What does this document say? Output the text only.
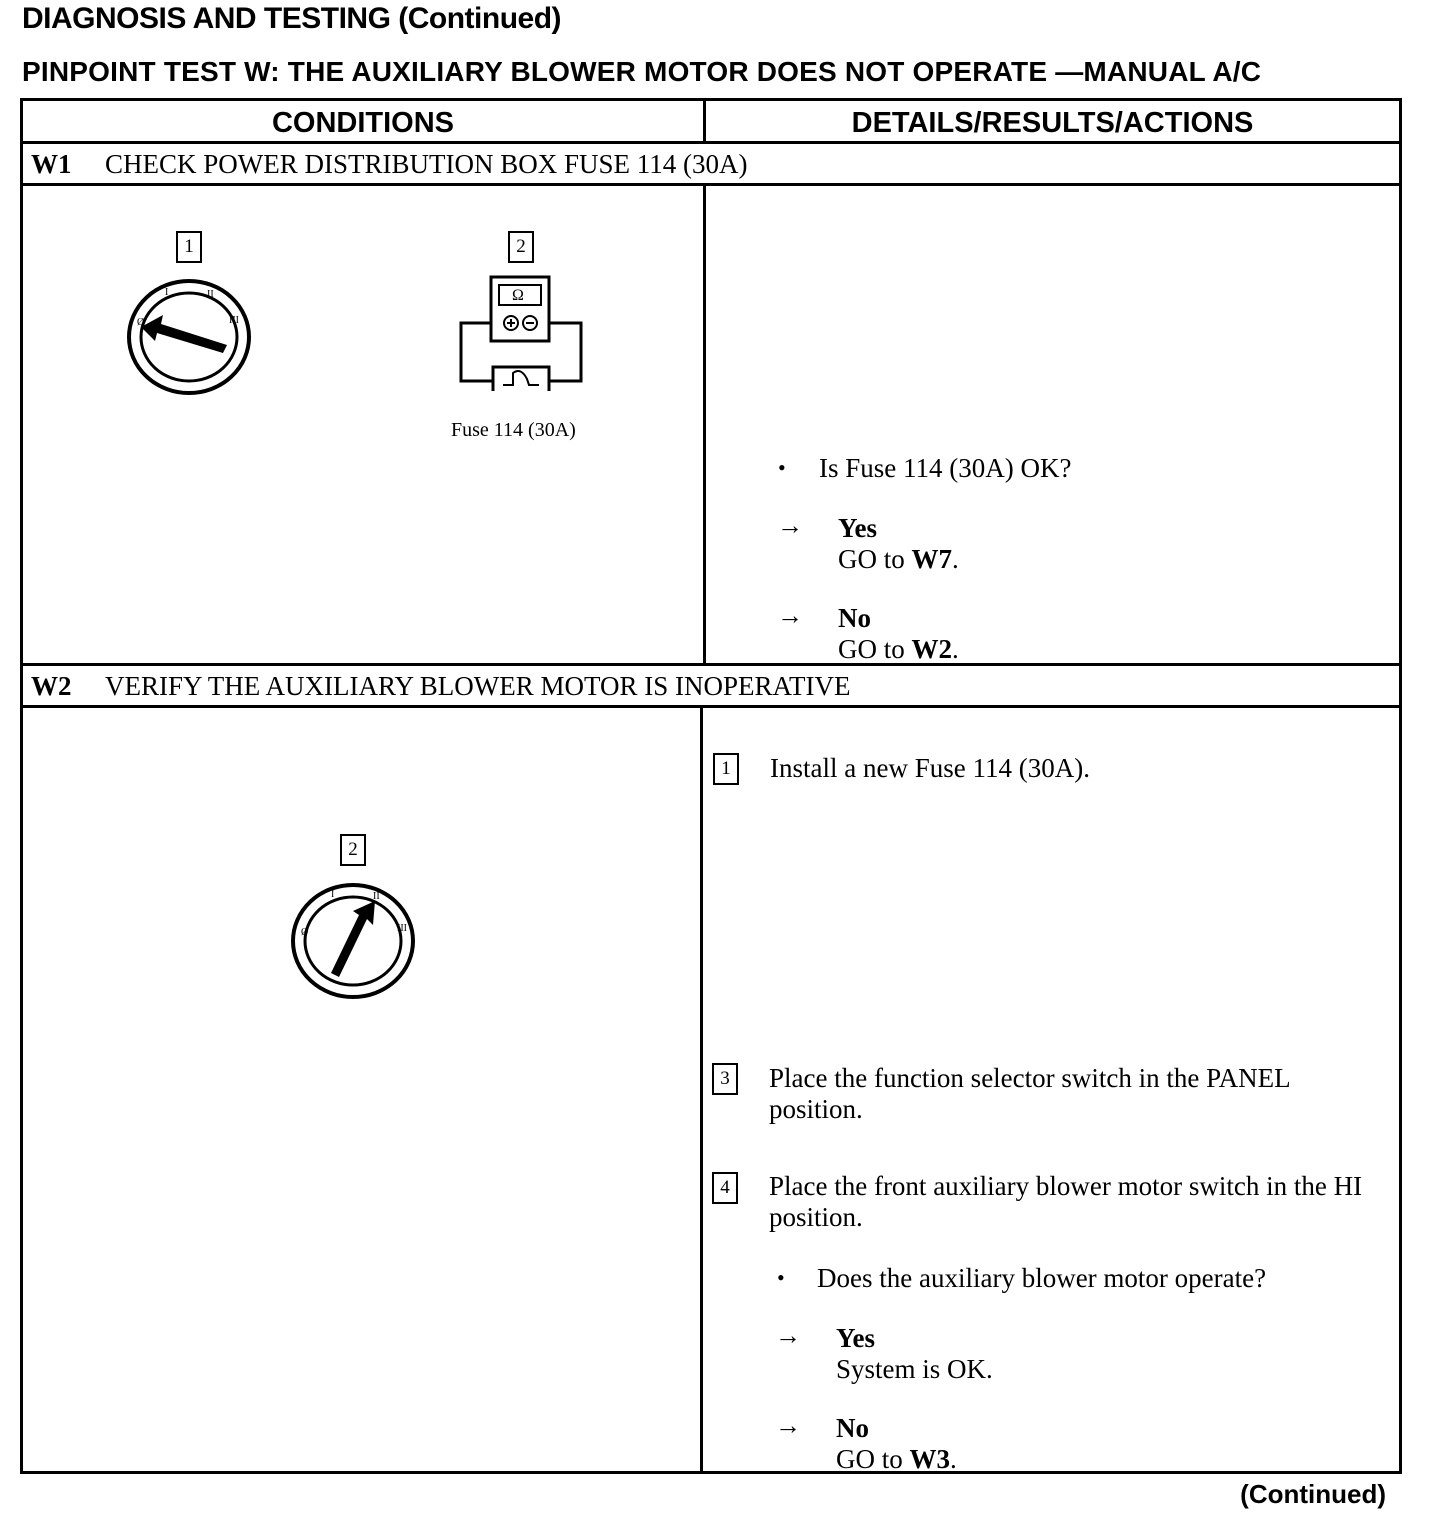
DIAGNOSIS AND TESTING (Continued)
PINPOINT TEST W: THE AUXILIARY BLOWER MOTOR DOES NOT OPERATE —MANUAL A/C
CONDITIONS	DETAILS/RESULTS/ACTIONS
W1 CHECK POWER DISTRIBUTION BOX FUSE 114 (30A)
1
Ø
I	II
III
2
Ω
Fuse 114 (30A)
• Is Fuse 114 (30A) OK?
→ Yes
GO to W7.
→ No
GO to W2.
W2 VERIFY THE AUXILIARY BLOWER MOTOR IS INOPERATIVE
2
Ø
I	II
III
1	Install a new Fuse 114 (30A).
3	Place the function selector switch in the PANEL position.
4	Place the front auxiliary blower motor switch in the HI position.
• Does the auxiliary blower motor operate?
→ Yes
System is OK.
→ No
GO to W3.
(Continued)
